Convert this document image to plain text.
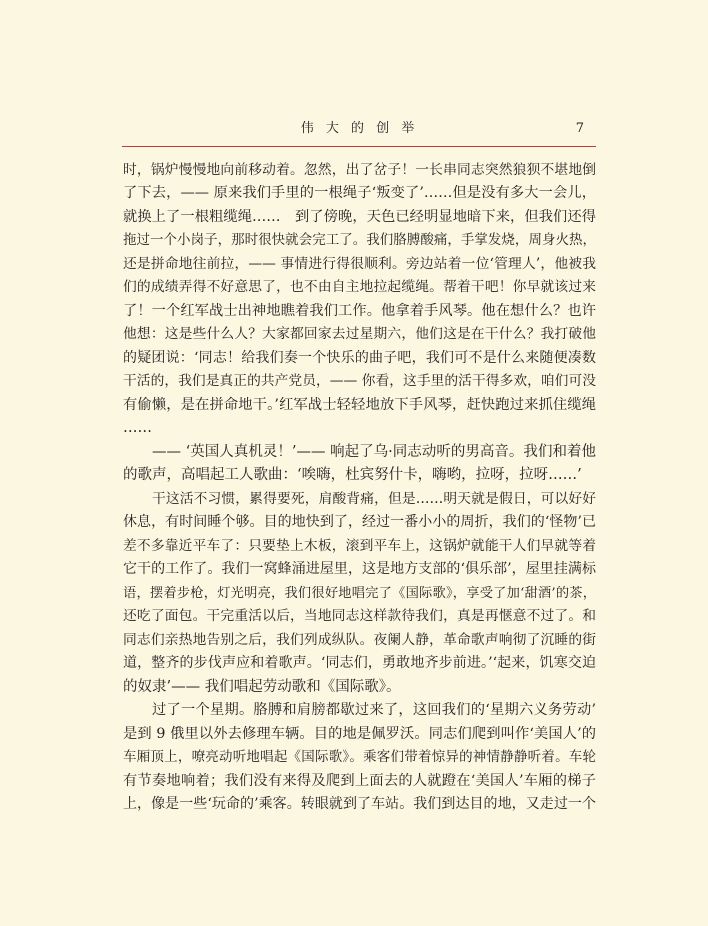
伟 大 的 创 举	7
时，锅炉慢慢地向前移动着。忽然，出了岔子！一长串同志突然狼狈不堪地倒
了下去，—— 原来我们手里的一根绳子‘叛变了’……但是没有多大一会儿，
就换上了一根粗缆绳……　到了傍晚，天色已经明显地暗下来，但我们还得
拖过一个小岗子，那时很快就会完工了。我们胳膊酸痛，手掌发烧，周身火热，
还是拼命地往前拉，—— 事情进行得很顺利。旁边站着一位‘管理人’，他被我
们的成绩弄得不好意思了，也不由自主地拉起缆绳。帮着干吧！你早就该过来
了！一个红军战士出神地瞧着我们工作。他拿着手风琴。他在想什么？也许
他想：这是些什么人？大家都回家去过星期六，他们这是在干什么？我打破他
的疑团说：‘同志！给我们奏一个快乐的曲子吧，我们可不是什么来随便凑数
干活的，我们是真正的共产党员，—— 你看，这手里的活干得多欢，咱们可没
有偷懒，是在拼命地干。’红军战士轻轻地放下手风琴，赶快跑过来抓住缆绳
……
—— ‘英国人真机灵！’—— 响起了乌·同志动听的男高音。我们和着他
的歌声，高唱起工人歌曲：‘唉嗨，杜宾努什卡，嗨哟，拉呀，拉呀……’
干这活不习惯，累得要死，肩酸背痛，但是……明天就是假日，可以好好
休息，有时间睡个够。目的地快到了，经过一番小小的周折，我们的‘怪物’已
差不多靠近平车了：只要垫上木板，滚到平车上，这锅炉就能干人们早就等着
它干的工作了。我们一窝蜂涌进屋里，这是地方支部的‘俱乐部’，屋里挂满标
语，摆着步枪，灯光明亮，我们很好地唱完了《国际歌》，享受了加‘甜酒’的茶，
还吃了面包。干完重活以后，当地同志这样款待我们，真是再惬意不过了。和
同志们亲热地告别之后，我们列成纵队。夜阑人静，革命歌声响彻了沉睡的街
道，整齐的步伐声应和着歌声。‘同志们，勇敢地齐步前进。’‘起来，饥寒交迫
的奴隶’—— 我们唱起劳动歌和《国际歌》。
过了一个星期。胳膊和肩膀都歇过来了，这回我们的‘星期六义务劳动’
是到 9 俄里以外去修理车辆。目的地是佩罗沃。同志们爬到叫作‘美国人’的
车厢顶上，嘹亮动听地唱起《国际歌》。乘客们带着惊异的神情静静听着。车轮
有节奏地响着；我们没有来得及爬到上面去的人就蹬在‘美国人’车厢的梯子
上，像是一些‘玩命的’乘客。转眼就到了车站。我们到达目的地，又走过一个
